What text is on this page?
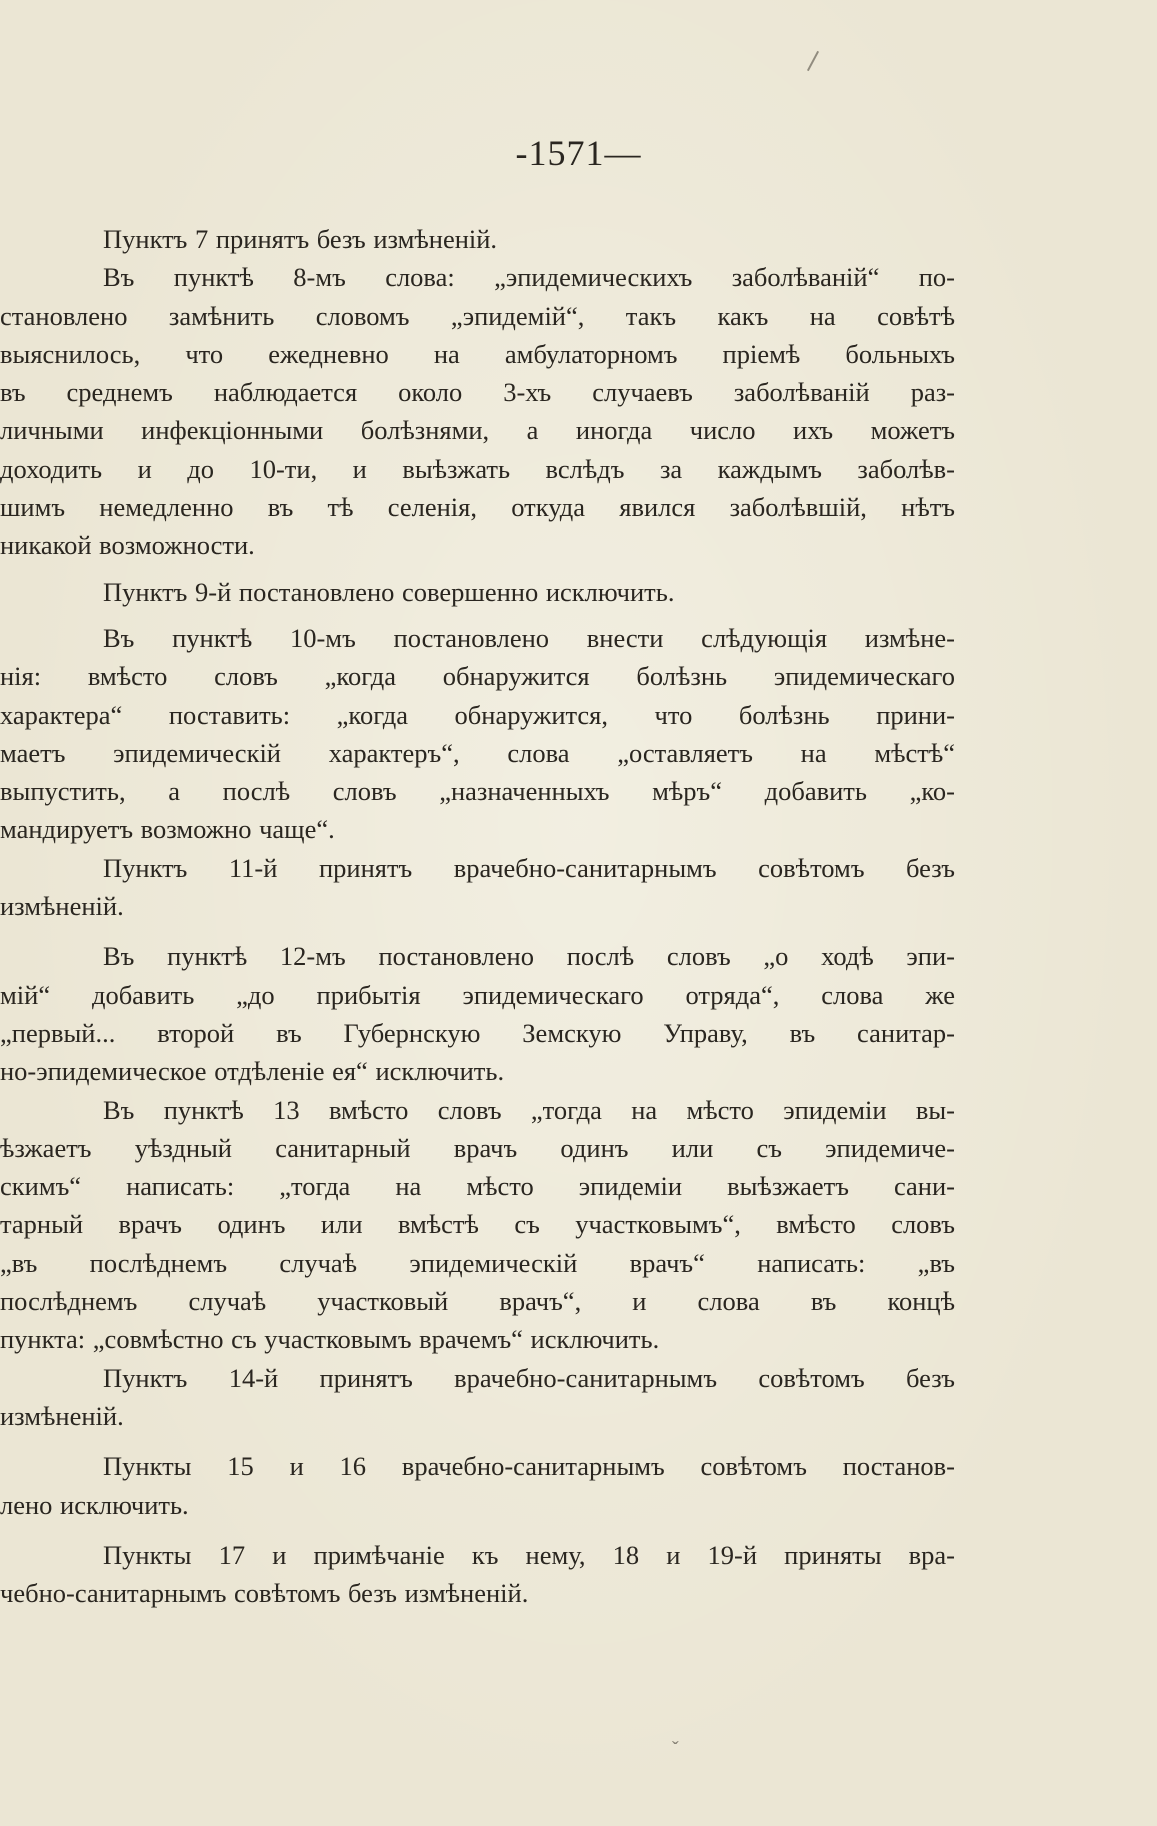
-1571—
Пунктъ 7 принятъ безъ измѣненій.
Въ пунктѣ 8-мъ слова: „эпидемическихъ заболѣваній“ по-
становлено замѣнить словомъ „эпидемій“, такъ какъ на совѣтѣ
выяснилось, что ежедневно на амбулаторномъ пріемѣ больныхъ
въ среднемъ наблюдается около 3-хъ случаевъ заболѣваній раз-
личными инфекціонными болѣзнями, а иногда число ихъ можетъ
доходить и до 10-ти, и выѣзжать вслѣдъ за каждымъ заболѣв-
шимъ немедленно въ тѣ селенія, откуда явился заболѣвшій, нѣтъ
никакой возможности.
Пунктъ 9-й постановлено совершенно исключить.
Въ пунктѣ 10-мъ постановлено внести слѣдующія измѣне-
нія: вмѣсто словъ „когда обнаружится болѣзнь эпидемическаго
характера“ поставить: „когда обнаружится, что болѣзнь прини-
маетъ эпидемическій характеръ“, слова „оставляетъ на мѣстѣ“
выпустить, а послѣ словъ „назначенныхъ мѣръ“ добавить „ко-
мандируетъ возможно чаще“.
Пунктъ 11-й принятъ врачебно-санитарнымъ совѣтомъ безъ
измѣненій.
Въ пунктѣ 12-мъ постановлено послѣ словъ „о ходѣ эпи-
мій“ добавить „до прибытія эпидемическаго отряда“, слова же
„первый... второй въ Губернскую Земскую Управу, въ санитар-
но-эпидемическое отдѣленіе ея“ исключить.
Въ пунктѣ 13 вмѣсто словъ „тогда на мѣсто эпидеміи вы-
ѣзжаетъ уѣздный санитарный врачъ одинъ или съ эпидемиче-
скимъ“ написать: „тогда на мѣсто эпидеміи выѣзжаетъ сани-
тарный врачъ одинъ или вмѣстѣ съ участковымъ“, вмѣсто словъ
„въ послѣднемъ случаѣ эпидемическій врачъ“ написать: „въ
послѣднемъ случаѣ участковый врачъ“, и слова въ концѣ
пункта: „совмѣстно съ участковымъ врачемъ“ исключить.
Пунктъ 14-й принятъ врачебно-санитарнымъ совѣтомъ безъ
измѣненій.
Пункты 15 и 16 врачебно-санитарнымъ совѣтомъ постанов-
лено исключить.
Пункты 17 и примѣчаніе къ нему, 18 и 19-й приняты вра-
чебно-санитарнымъ совѣтомъ безъ измѣненій.
ˇ
